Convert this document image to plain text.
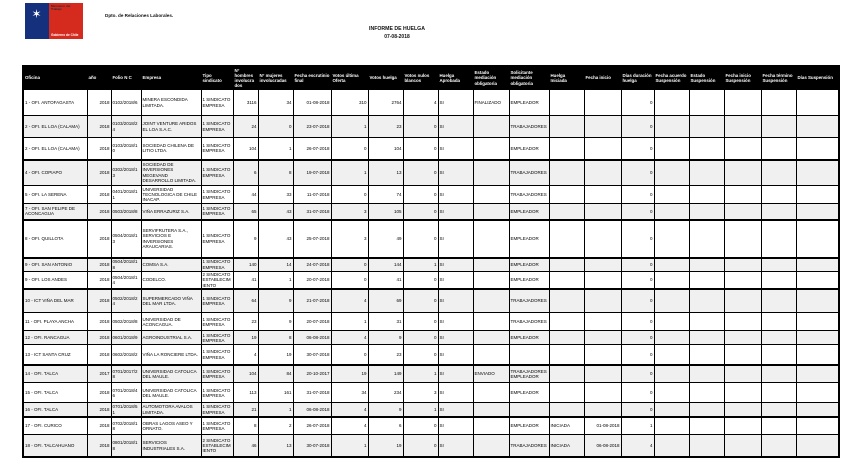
✶
Ministerio del
Trabajo
Gobierno de Chile
Dpto. de Relaciones Laborales.
INFORME DE HUELGA
07-08-2018
Oficina	año	Folio N C	Empresa	Tipo sindicato	N° hombres involucrados	N° mujeres involucradas	Fecha escrutinio final	Votos última Oferta	Votos huelga	Votos nulos blancos	Huelga Aprobada	Estado mediación obligatoria	Solicitante mediación obligatoria	Huelga Iniciada	Fecha inicio	Días duración huelga	Fecha acuerdo Suspensión	Estado Suspensión	Fecha inicio Suspensión	Fecha término Suspensión	Días Suspensión
1 - OFI. ANTOFAGASTA	2018	0102/2018/6	MINERA ESCONDIDA LIMITADA.	1 SINDICATO EMPRESA	3116	34	01-08-2018	310	2764	4	SI	FINALIZADO	EMPLEADOR			0					
2 - OFI. EL LOA (CALAMA)	2018	0103/2018/24	JOINT VENTURE ARIDOS EL LOA S.A.C.	1 SINDICATO EMPRESA	24	0	23-07-2018	1	23	0	SI		TRABAJADORES			0					
2 - OFI. EL LOA (CALAMA)	2018	0103/2018/10	SOCIEDAD CHILENA DE LITIO LTDA.	1 SINDICATO EMPRESA	104	1	26-07-2018	0	104	0	SI		EMPLEADOR			0					
4 - OFI. COPIAPO	2018	0302/2018/13	SOCIEDAD DE INVERSIONES MEGEVAND DESARROLLO LIMITADA.	1 SINDICATO EMPRESA	6	8	19-07-2018	1	13	0	SI		TRABAJADORES			0					
5 - OFI. LA SERENA	2018	0401/2018/11	UNIVERSIDAD TECNOLOGICA DE CHILE INACAP.	1 SINDICATO EMPRESA	44	33	11-07-2018	0	74	0	SI		TRABAJADORES			0					
7 - OFI. SAN FELIPE DE ACONCAGUA	2018	0503/2018/8	VIÑA ERRAZURIZ S.A.	1 SINDICATO EMPRESA	65	43	31-07-2018	3	105	0	SI		EMPLEADOR			0					
8 - OFI. QUILLOTA	2018	0504/2018/13	SERVIFRUTERA S.A., SERVICIOS E INVERSIONES ARAUCARIAS.	1 SINDICATO EMPRESA	9	43	25-07-2018	3	49	0	SI		EMPLEADOR			0					
9 - OFI. SAN ANTONIO	2018	0504/2018/18	COMSA S.A.	1 SINDICATO EMPRESA	140	14	24-07-2018	0	144	1	SI		EMPLEADOR			0					
9 - OFI. LOS ANDES	2018	0504/2018/14	CODELCO.	2 SINDICATO ESTABLECIMIENTO	41	1	20-07-2018	0	41	0	SI		EMPLEADOR			0					
10 - ICT VIÑA DEL MAR	2018	0502/2018/24	SUPERMERCADO VIÑA DEL MAR LTDA.	1 SINDICATO EMPRESA	64	9	21-07-2018	4	69	0	SI		TRABAJADORES			0					
11 - OFI. PLAYA ANCHA	2018	0502/2018/8	UNIVERSIDAD DE ACONCAGUA.	1 SINDICATO EMPRESA	23	9	20-07-2018	1	31	0	SI		TRABAJADORES			0					
12 - OFI. RANCAGUA	2018	0601/2018/9	AGROINDUSTRIAL S.A.	1 SINDICATO EMPRESA	19	8	06-08-2018	4	9	0	SI		EMPLEADOR			0					
13 - ICT SANTA CRUZ	2018	0602/2018/2	VIÑA LA RONCIERE LTDA.	1 SINDICATO EMPRESA	4	19	30-07-2018	0	23	0	SI					0					
14 - OFI. TALCA	2017	0701/2017/28	UNIVERSIDAD CATOLICA DEL MAULE.	1 SINDICATO EMPRESA	104	84	20-10-2017	19	149	1	SI	ENVIADO	TRABAJADORES EMPLEADOR			0					
15 - OFI. TALCA	2018	0701/2018/46	UNIVERSIDAD CATOLICA DEL MAULE.	1 SINDICATO EMPRESA	113	161	31-07-2018	34	234	3	SI		EMPLEADOR			0					
16 - OFI. TALCA	2018	0701/2018/51	AUTOMOTORA AVALOS LIMITADA.	1 SINDICATO EMPRESA	21	1	06-08-2018	4	9	1	SI					0					
17 - OFI. CURICO	2018	0702/2018/18	OBRAS LAGOS ASEO Y ORNATO.	1 SINDICATO EMPRESA	8	2	26-07-2018	4	6	0	SI		EMPLEADOR	INICIADA	01-08-2018	1					
18 - OFI. TALCAHUANO	2018	0801/2018/18	SERVICIOS INDUSTRIALES S.A.	2 SINDICATO ESTABLECIMIENTO	46	13	30-07-2018	1	19	0	SI		TRABAJADORES	INICIADA	06-08-2018	4					
